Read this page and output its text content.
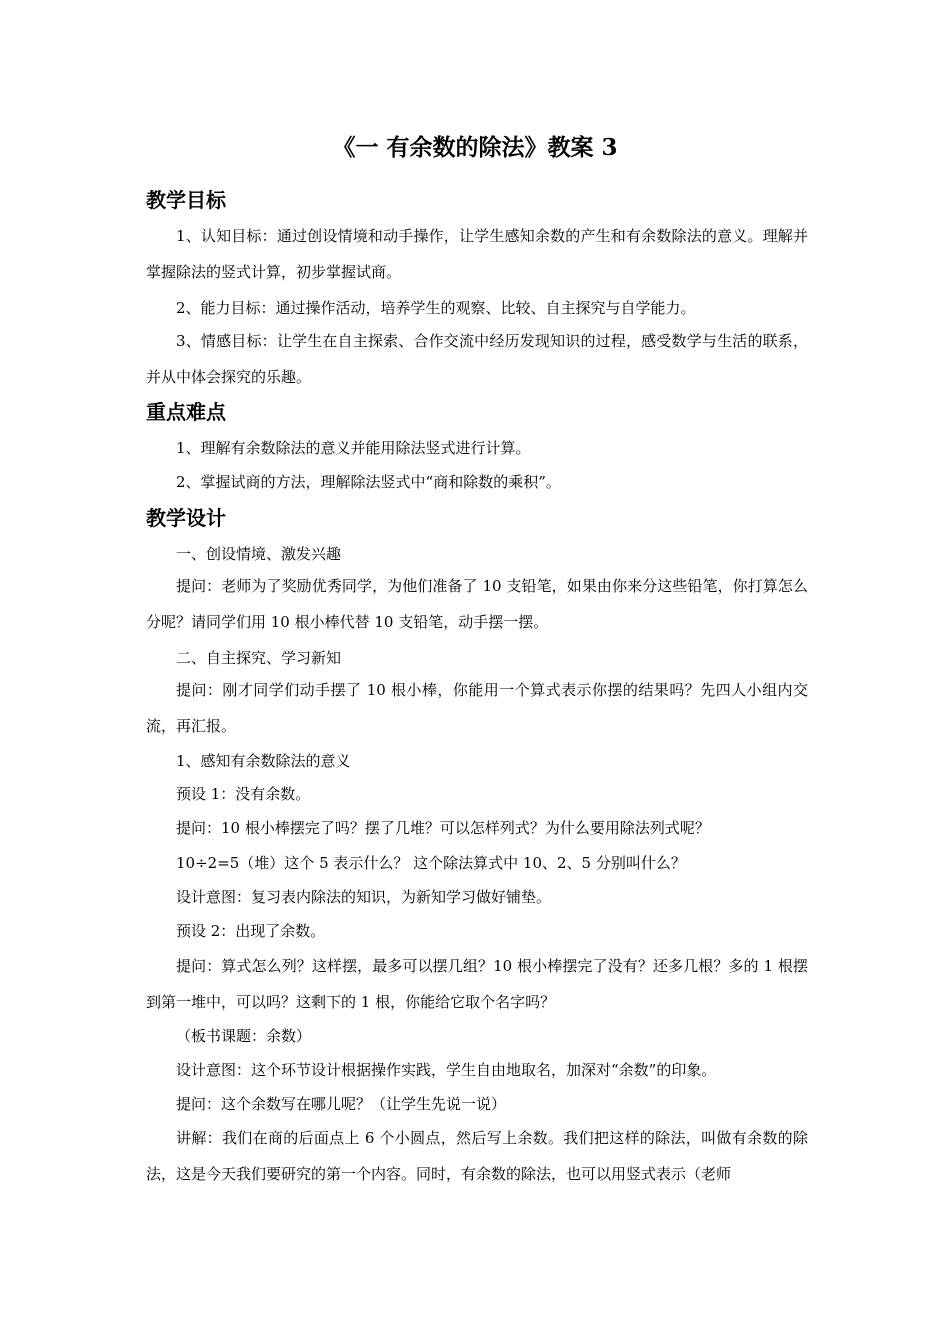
《一 有余数的除法》教案 3
教学目标
1、认知目标：通过创设情境和动手操作，让学生感知余数的产生和有余数除法的意义。理解并掌握除法的竖式计算，初步掌握试商。
2、能力目标：通过操作活动，培养学生的观察、比较、自主探究与自学能力。
3、情感目标：让学生在自主探索、合作交流中经历发现知识的过程，感受数学与生活的联系，并从中体会探究的乐趣。
重点难点
1、理解有余数除法的意义并能用除法竖式进行计算。
2、掌握试商的方法，理解除法竖式中“商和除数的乘积”。
教学设计
一、创设情境、激发兴趣
提问：老师为了奖励优秀同学，为他们准备了 10 支铅笔，如果由你来分这些铅笔，你打算怎么分呢？请同学们用 10 根小棒代替 10 支铅笔，动手摆一摆。
二、自主探究、学习新知
提问：刚才同学们动手摆了 10 根小棒，你能用一个算式表示你摆的结果吗？先四人小组内交流，再汇报。
1、感知有余数除法的意义
预设 1：没有余数。
提问：10 根小棒摆完了吗？摆了几堆？可以怎样列式？为什么要用除法列式呢？
10÷2=5（堆）这个 5 表示什么？ 这个除法算式中 10、2、5 分别叫什么？
设计意图：复习表内除法的知识，为新知学习做好铺垫。
预设 2：出现了余数。
提问：算式怎么列？这样摆，最多可以摆几组？10 根小棒摆完了没有？还多几根？多的 1 根摆到第一堆中，可以吗？这剩下的 1 根，你能给它取个名字吗？
（板书课题：余数）
设计意图：这个环节设计根据操作实践，学生自由地取名，加深对“余数”的印象。
提问：这个余数写在哪儿呢？（让学生先说一说）
讲解：我们在商的后面点上 6 个小圆点，然后写上余数。我们把这样的除法，叫做有余数的除法，这是今天我们要研究的第一个内容。同时，有余数的除法，也可以用竖式表示（老师
